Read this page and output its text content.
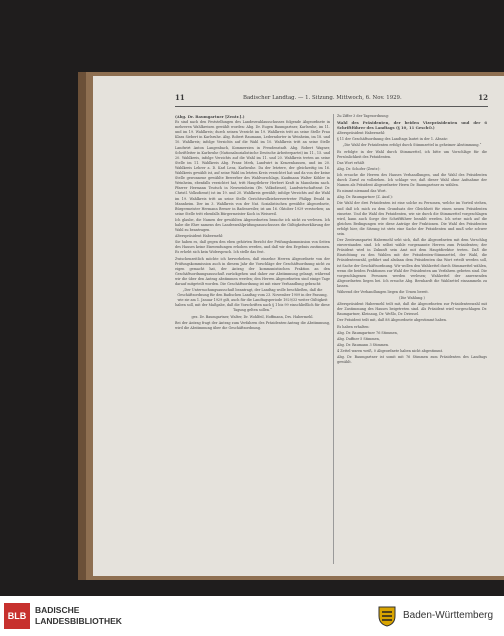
11	Badischer Landtag. — 1. Sitzung. Mittwoch, 6. Nov. 1929.	12

(Abg. Dr. Baumgartner [Zentr.].)

Es sind nach den Feststellungen des Landeswahlausschusses folgende Abgeordnete in mehreren Wahlkreisen gewählt worden: Abg. Dr. Eugen Baumgartner, Karlsruhe, im 11. und im 19. Wahlkreis; durch seinen Verzicht im 19. Wahlkreis tritt an seine Stelle Frau Klara Siebert in Karlsruhe. Abg. Robert Raumann, Lederndorter in Weinheim, im 18. und 10. Wahlkreis; infolge Verzichts auf die Wahl im 10. Wahlkreis tritt an seine Stelle Landwirt Anton Langenbach, Kommerzien in Freudenstadt. Abg. Robert Wagner, Schriftleiter in Karlsruhe (Nationalsozialistische Deutsche Arbeiterpartei) im 11., 15. und 20. Wahlkreis, infolge Verzichts auf die Wahl im 11. und 20. Wahlkreis treten an seine Stelle im 11. Wahlkreis Abg. Franz Merk, Landwirt in Kenzenhausen, und im 20. Wahlkreis Lehrer a. D. Karl Lenz, Karlsruhe. Da der letztere, der gleichzeitig im 16. Wahlkreis gewählt ist, auf seine Wahl im letzten Kreis verzichtet hat und da von der keine Stelle gewonnene gewählte Bewerber des Wahlvorschlags, Kaufmann Walter Köhler in Weinheim, ebenfalls verzichtet hat, tritt Hauptlehrer Herbert Kraft in Mannheim nach. Pfarrer Hermann Teutsch in Neuweinheim (Ev. Volksdienst), Landwirtschaftsrat Dr. Christl. Volksdienst) ist im 19. und 20. Wahlkreis gewählt; infolge Verzichts auf die Wahl im 19. Wahlkreis tritt an seine Stelle Gerichtsvollziehersvertreter Philipp Ewald in Mannheim. Der im 3. Wahlkreis von der Nat. Sozialistischen gewählte Abgeordnete, Bürgermeister Hermann Breuer in Badenweiler, ist am 16. Oktober 1929 verstorben; an seine Stelle tritt ebenfalls Bürgermeister Koch in Weisweil.

Ich glaube, die Namen der gewählten Abgeordneten brauche ich nicht zu verlesen. Ich habe die Ehre namens des Landeswahlprüfungsausschusses die Gültigkeitserklärung der Wahl zu beantragen.

Alterspräsident Habermehl:

Sie haben es, daß gegen den eben gehörten Bericht der Prüfungskommission von Seiten des Hauses keine Einwendungen erhoben werden, und daß wir den Ergebnis zustimmen. Es erhebt sich kein Widerspruch. Ich stelle das fest.

Zwischenzeitlich möchte ich hervorheben, daß einzelne Herren Abgeordnete von der Prüfungskommission auch in diesem Jahr die Vorschläge der Geschäftsordnung nicht zu eigen gemacht hat, der Antrag der kommunistischen Fraktion an den Geschäftsordnungsausschuß zurückgehen und daher zur Abstimmung gelangt, während wir die über den Antrag abstimmen werden; den Herren Abgeordneten sind einige Tage darauf mitgeteilt worden. Die Geschäftsordnung ist mit einer Verhandlung gebracht:

„Der Untersuchungsausschuß beantragt, der Landtag wolle beschließen, daß die Geschäftsordnung für den Badischen Landtag vom 23. November 1909 in der Fassung, wie sie am 1. Januar 1929 gilt, auch für die Landtagsperiode 1929/33 weiter Gültigkeit haben soll, mit der Maßgabe, daß die Vorschriften nach § 1 bis 99 einschließlich für diese Tagung gelten sollen.“

gez. Dr. Baumgartner, Walter, Dr. Wohlfeil, Hoffmann, Drs. Habermehl.

Bei der Antrag fragt der Antrag zum Verfahren des Präsidenten-Antrag die Abstimmung, wird die Abstimmung über die Geschäftsordnung.

Zu Ziffer 3 der Tagesordnung:

Wahl des Präsidenten, der beiden Vizepräsidenten und der 6 Schriftführer des Landtags (§ 10, 11 GeschO.)

Alterspräsident Habermehl:

§ 11 der Geschäftsordnung des Landtags lautet in der 1. Absatz:

„Die Wahl der Präsidenten erfolgt durch Stimmzettel in geheimer Abstimmung.“

Es erfolgte in der Wahl durch Stimmzettel, ich bitte um Vorschläge für die Persönlichkeit des Präsidenten.

Das Wort erhält

Abg. Dr. Schofer (Zentr.):

Ich ersuche die Herren des Hauses Verhandlungen, und die Wahl des Präsidenten durch Zuruf zu vollziehen. Ich schlage vor, daß dieser Wahl ohne Aufnahme der Namen als Präsident Abgeordneter Herrn Dr. Baumgartner zu wählen.

Es nimmt niemand das Wort.

Abg. Dr. Baumgartner (Z. Ausf.):

Die Wahl der drei Präsidenten ist eine solche zu Personen, welche im Vorteil stehen, und daß ich mich zu dem Grundsatz der Gleichheit für einen neuen Präsidenten einsetze. Und die Wahl des Präsidenten, wie sie durch die Stimmzettel vorgeschlagen wird, kann auch Sorge der Schriftführer bezahlt werden. Ich setze mich auf die gleichen Bedingungen wie diese Anträge der Fraktionen. Die Wahl des Präsidenten erfolgt hier, die Sitzung ist stets eine Sache der Präsidenten und muß sehr schwer sein.

Der Zentrumspartei Habermehl seht sich, daß die Abgeordneten mit dem Vorschlag einverstanden sind. Ich selbst wähle vorgenannte Herren zum Präsidenten; der Präsident wird in Zukunft sein Amt mit dem Hauptdirektor treten. Daß die Einrichtung zu den Wahlen mit der Präsidenten-Stimmzettel, der Wahl, die Präsidentenwahl, geführt und alsdann dem Präsidenten das Wort erteilt werden soll, ist Sache der Geschäftsordnung. Wir wollen den Wahlzettel durch Stimmzettel wählen, wenn die beiden Fraktionen zur Wahl der Präsidenten am Verfahren gebeten sind. Die vorgeschlagenen Personen werden verlesen; Wahlzettel der anwesenden Abgeordneten liegen bei. Ich ersuche Abg. Bernhardt die Wahlzettel einsammeln zu lassen.

Während der Verhandlungen liegen die Urnen bereit.

(Die Wahlung.)

Alterspräsident Habermehl teilt mit, daß die Abgeordneten zur Präsidentenwahl mit der Zustimmung des Hauses beigetreten sind. Als Präsident wird vorgeschlagen Dr. Baumgartner, Kleinaug, Dr. Weßlo, Dr. Driessel.

Der Präsident teilt mit, daß 88 Abgeordnete abgestimmt haben.

Es haben erhalten:

Abg. Dr. Baumgartner 76 Stimmen,

Abg. Duffner 5 Stimmen,

Abg. Dr. Baumann 3 Stimmen.

4 Zettel waren weiß, 0 Abgeordnete haben nicht abgestimmt.

Abg. Dr. Baumgartner ist somit mit 76 Stimmen zum Präsidenten des Landtags gewählt.

BLB
BADISCHE
LANDESBIBLIOTHEK	Baden-Württemberg
